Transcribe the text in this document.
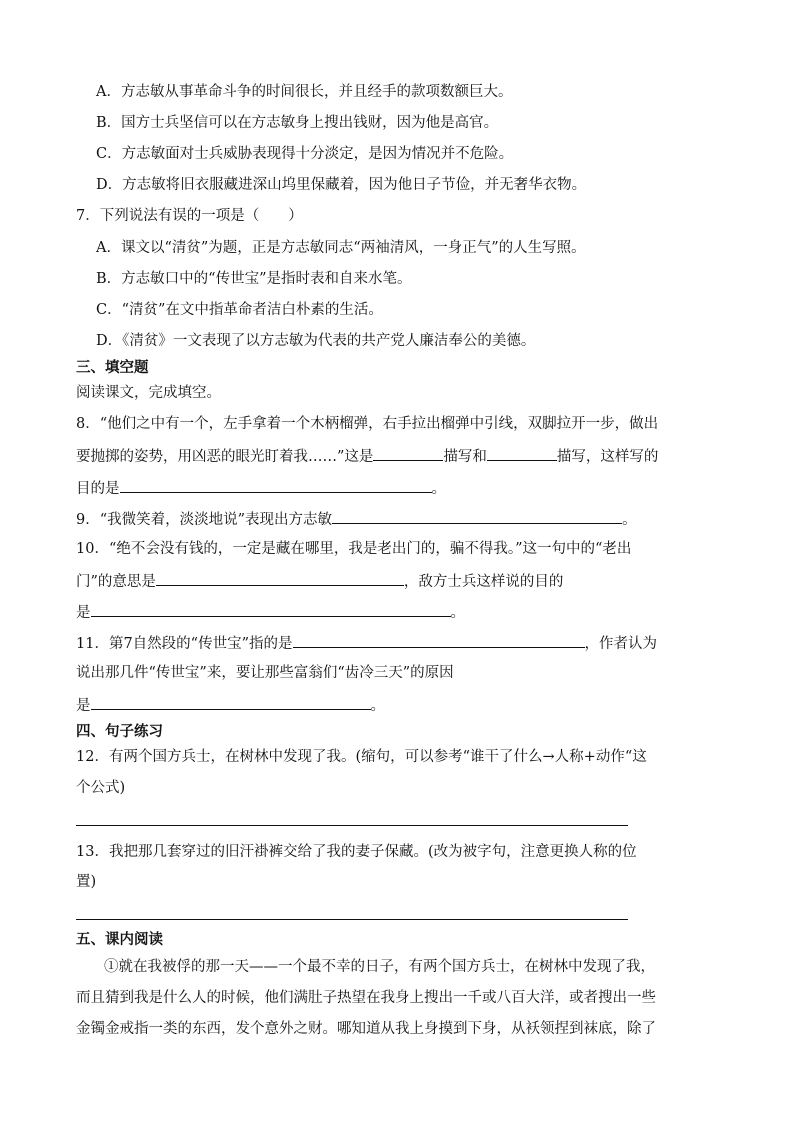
A．方志敏从事革命斗争的时间很长，并且经手的款项数额巨大。
B．国方士兵坚信可以在方志敏身上搜出钱财，因为他是高官。
C．方志敏面对士兵威胁表现得十分淡定，是因为情况并不危险。
D．方志敏将旧衣服藏进深山坞里保藏着，因为他日子节俭，并无奢华衣物。
7．下列说法有误的一项是（　　）
A．课文以“清贫”为题，正是方志敏同志“两袖清风，一身正气”的人生写照。
B．方志敏口中的“传世宝”是指时表和自来水笔。
C．“清贫”在文中指革命者洁白朴素的生活。
D．《清贫》一文表现了以方志敏为代表的共产党人廉洁奉公的美德。
三、填空题
阅读课文，完成填空。
8．“他们之中有一个，左手拿着一个木柄榴弹，右手拉出榴弹中引线，双脚拉开一步，做出
要抛掷的姿势，用凶恶的眼光盯着我……”这是	描写和	描写，这样写的
目的是	。
9．“我微笑着，淡淡地说”表现出方志敏	。
10．“绝不会没有钱的，一定是藏在哪里，我是老出门的，骗不得我。”这一句中的“老出
门”的意思是	，敌方士兵这样说的目的
是	。
11．第7自然段的“传世宝”指的是	，作者认为
说出那几件“传世宝”来，要让那些富翁们“齿冷三天”的原因
是	。
四、句子练习
12．有两个国方兵士，在树林中发现了我。(缩句，可以参考“谁干了什么→人称+动作“这
个公式)
13．我把那几套穿过的旧汗褂裤交给了我的妻子保藏。(改为被字句，注意更换人称的位
置)
五、课内阅读
①就在我被俘的那一天——一个最不幸的日子，有两个国方兵士，在树林中发现了我，
而且猜到我是什么人的时候，他们满肚子热望在我身上搜出一千或八百大洋，或者搜出一些
金镯金戒指一类的东西，发个意外之财。哪知道从我上身摸到下身，从袄领捏到袜底，除了
